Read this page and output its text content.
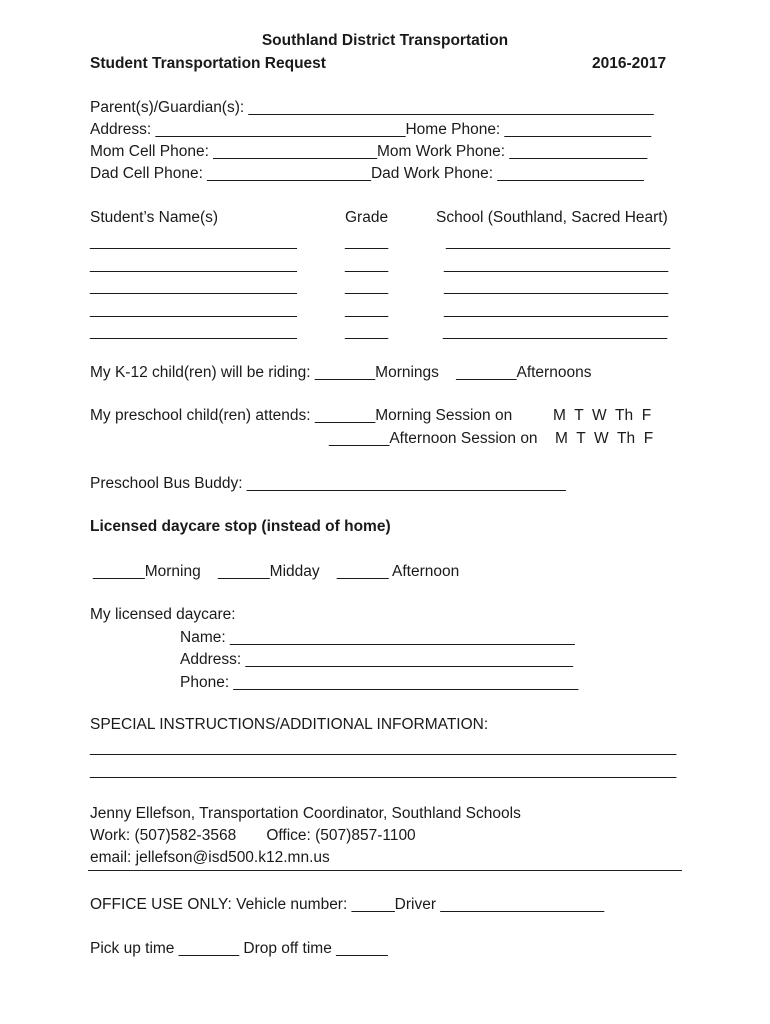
Southland District Transportation
Student Transportation Request	2016-2017
Parent(s)/Guardian(s): _______________________________________________
Address: _____________________________Home Phone: _________________
Mom Cell Phone: ___________________Mom Work Phone: ________________
Dad Cell Phone: ___________________Dad Work Phone: _________________
Student’s Name(s)	Grade	School (Southland, Sacred Heart)
________________________	_____	__________________________
________________________	_____	__________________________
________________________	_____	__________________________
________________________	_____	__________________________
________________________	_____	__________________________
My K-12 child(ren) will be riding: _______Mornings    _______Afternoons
My preschool child(ren) attends: _______Morning Session on	M  T  W  Th  F
_______Afternoon Session on M  T  W  Th  F
Preschool Bus Buddy: _____________________________________
Licensed daycare stop (instead of home)
______Morning    ______Midday    ______ Afternoon
My licensed daycare:
Name: ________________________________________
Address: ______________________________________
Phone: ________________________________________
SPECIAL INSTRUCTIONS/ADDITIONAL INFORMATION:
____________________________________________________________________
____________________________________________________________________
Jenny Ellefson, Transportation Coordinator, Southland Schools
Work: (507)582-3568       Office: (507)857-1100
email: jellefson@isd500.k12.mn.us
OFFICE USE ONLY: Vehicle number: _____Driver ___________________
Pick up time _______ Drop off time ______
